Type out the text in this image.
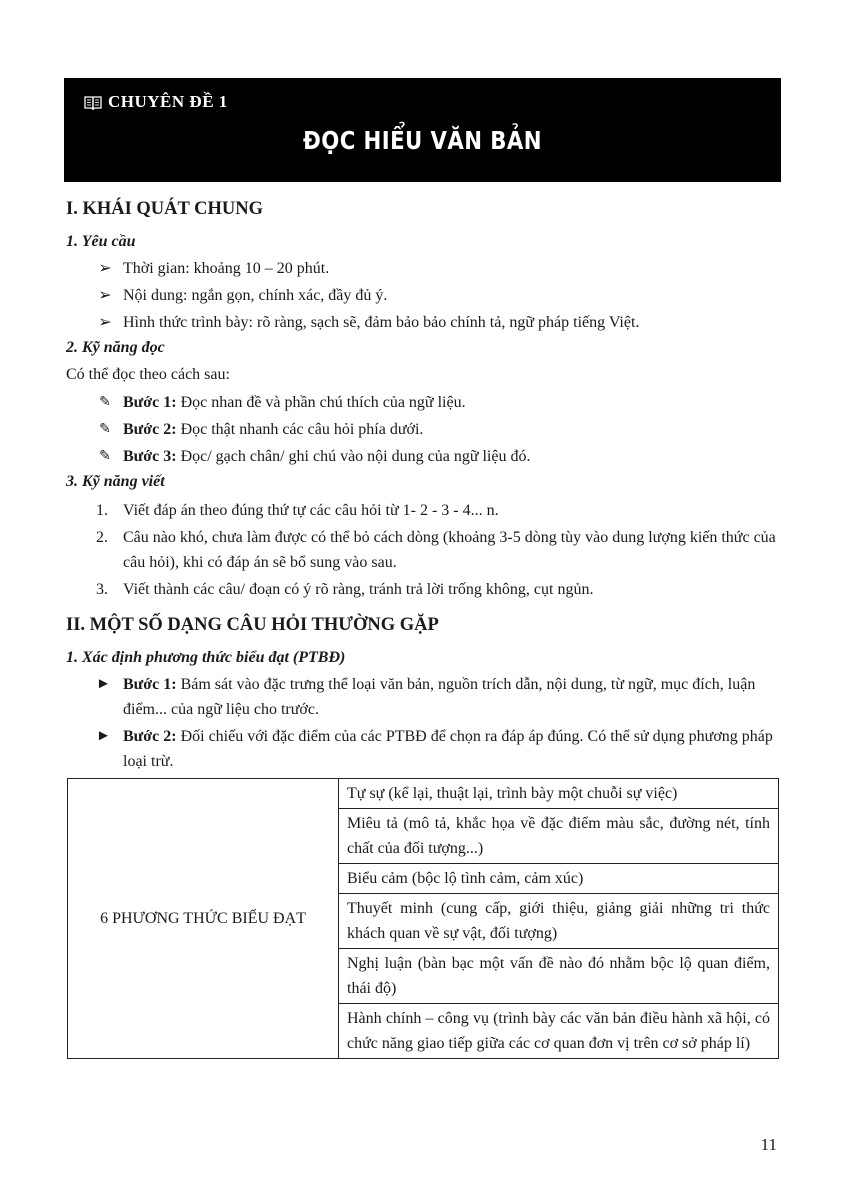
CHUYÊN ĐỀ 1
ĐỌC HIỂU VĂN BẢN

I. KHÁI QUÁT CHUNG

1. Yêu cầu

➢ Thời gian: khoảng 10 – 20 phút.

➢ Nội dung: ngắn gọn, chính xác, đầy đủ ý.

➢ Hình thức trình bày: rõ ràng, sạch sẽ, đảm bảo bảo chính tả, ngữ pháp tiếng Việt.

2. Kỹ năng đọc

Có thể đọc theo cách sau:

✎ Bước 1: Đọc nhan đề và phần chú thích của ngữ liệu.

✎ Bước 2: Đọc thật nhanh các câu hỏi phía dưới.

✎ Bước 3: Đọc/ gạch chân/ ghi chú vào nội dung của ngữ liệu đó.

3. Kỹ năng viết

1. Viết đáp án theo đúng thứ tự các câu hỏi từ 1- 2 - 3 - 4... n.

2. Câu nào khó, chưa làm được có thể bỏ cách dòng (khoảng 3-5 dòng tùy vào dung lượng kiến thức của câu hỏi), khi có đáp án sẽ bổ sung vào sau.

3. Viết thành các câu/ đoạn có ý rõ ràng, tránh trả lời trống không, cụt ngủn.

II. MỘT SỐ DẠNG CÂU HỎI THƯỜNG GẶP

1. Xác định phương thức biểu đạt (PTBĐ)

► Bước 1: Bám sát vào đặc trưng thể loại văn bản, nguồn trích dẫn, nội dung, từ ngữ, mục đích, luận điểm... của ngữ liệu cho trước.

► Bước 2: Đối chiếu với đặc điểm của các PTBĐ để chọn ra đáp áp đúng. Có thể sử dụng phương pháp loại trừ.

6 PHƯƠNG THỨC BIỂU ĐẠT	Tự sự (kể lại, thuật lại, trình bày một chuỗi sự việc)
Miêu tả (mô tả, khắc họa về đặc điểm màu sắc, đường nét, tính chất của đối tượng...)
Biểu cảm (bộc lộ tình cảm, cảm xúc)
Thuyết minh (cung cấp, giới thiệu, giảng giải những tri thức khách quan về sự vật, đối tượng)
Nghị luận (bàn bạc một vấn đề nào đó nhằm bộc lộ quan điểm, thái độ)
Hành chính – công vụ (trình bày các văn bản điều hành xã hội, có chức năng giao tiếp giữa các cơ quan đơn vị trên cơ sở pháp lí)
11
